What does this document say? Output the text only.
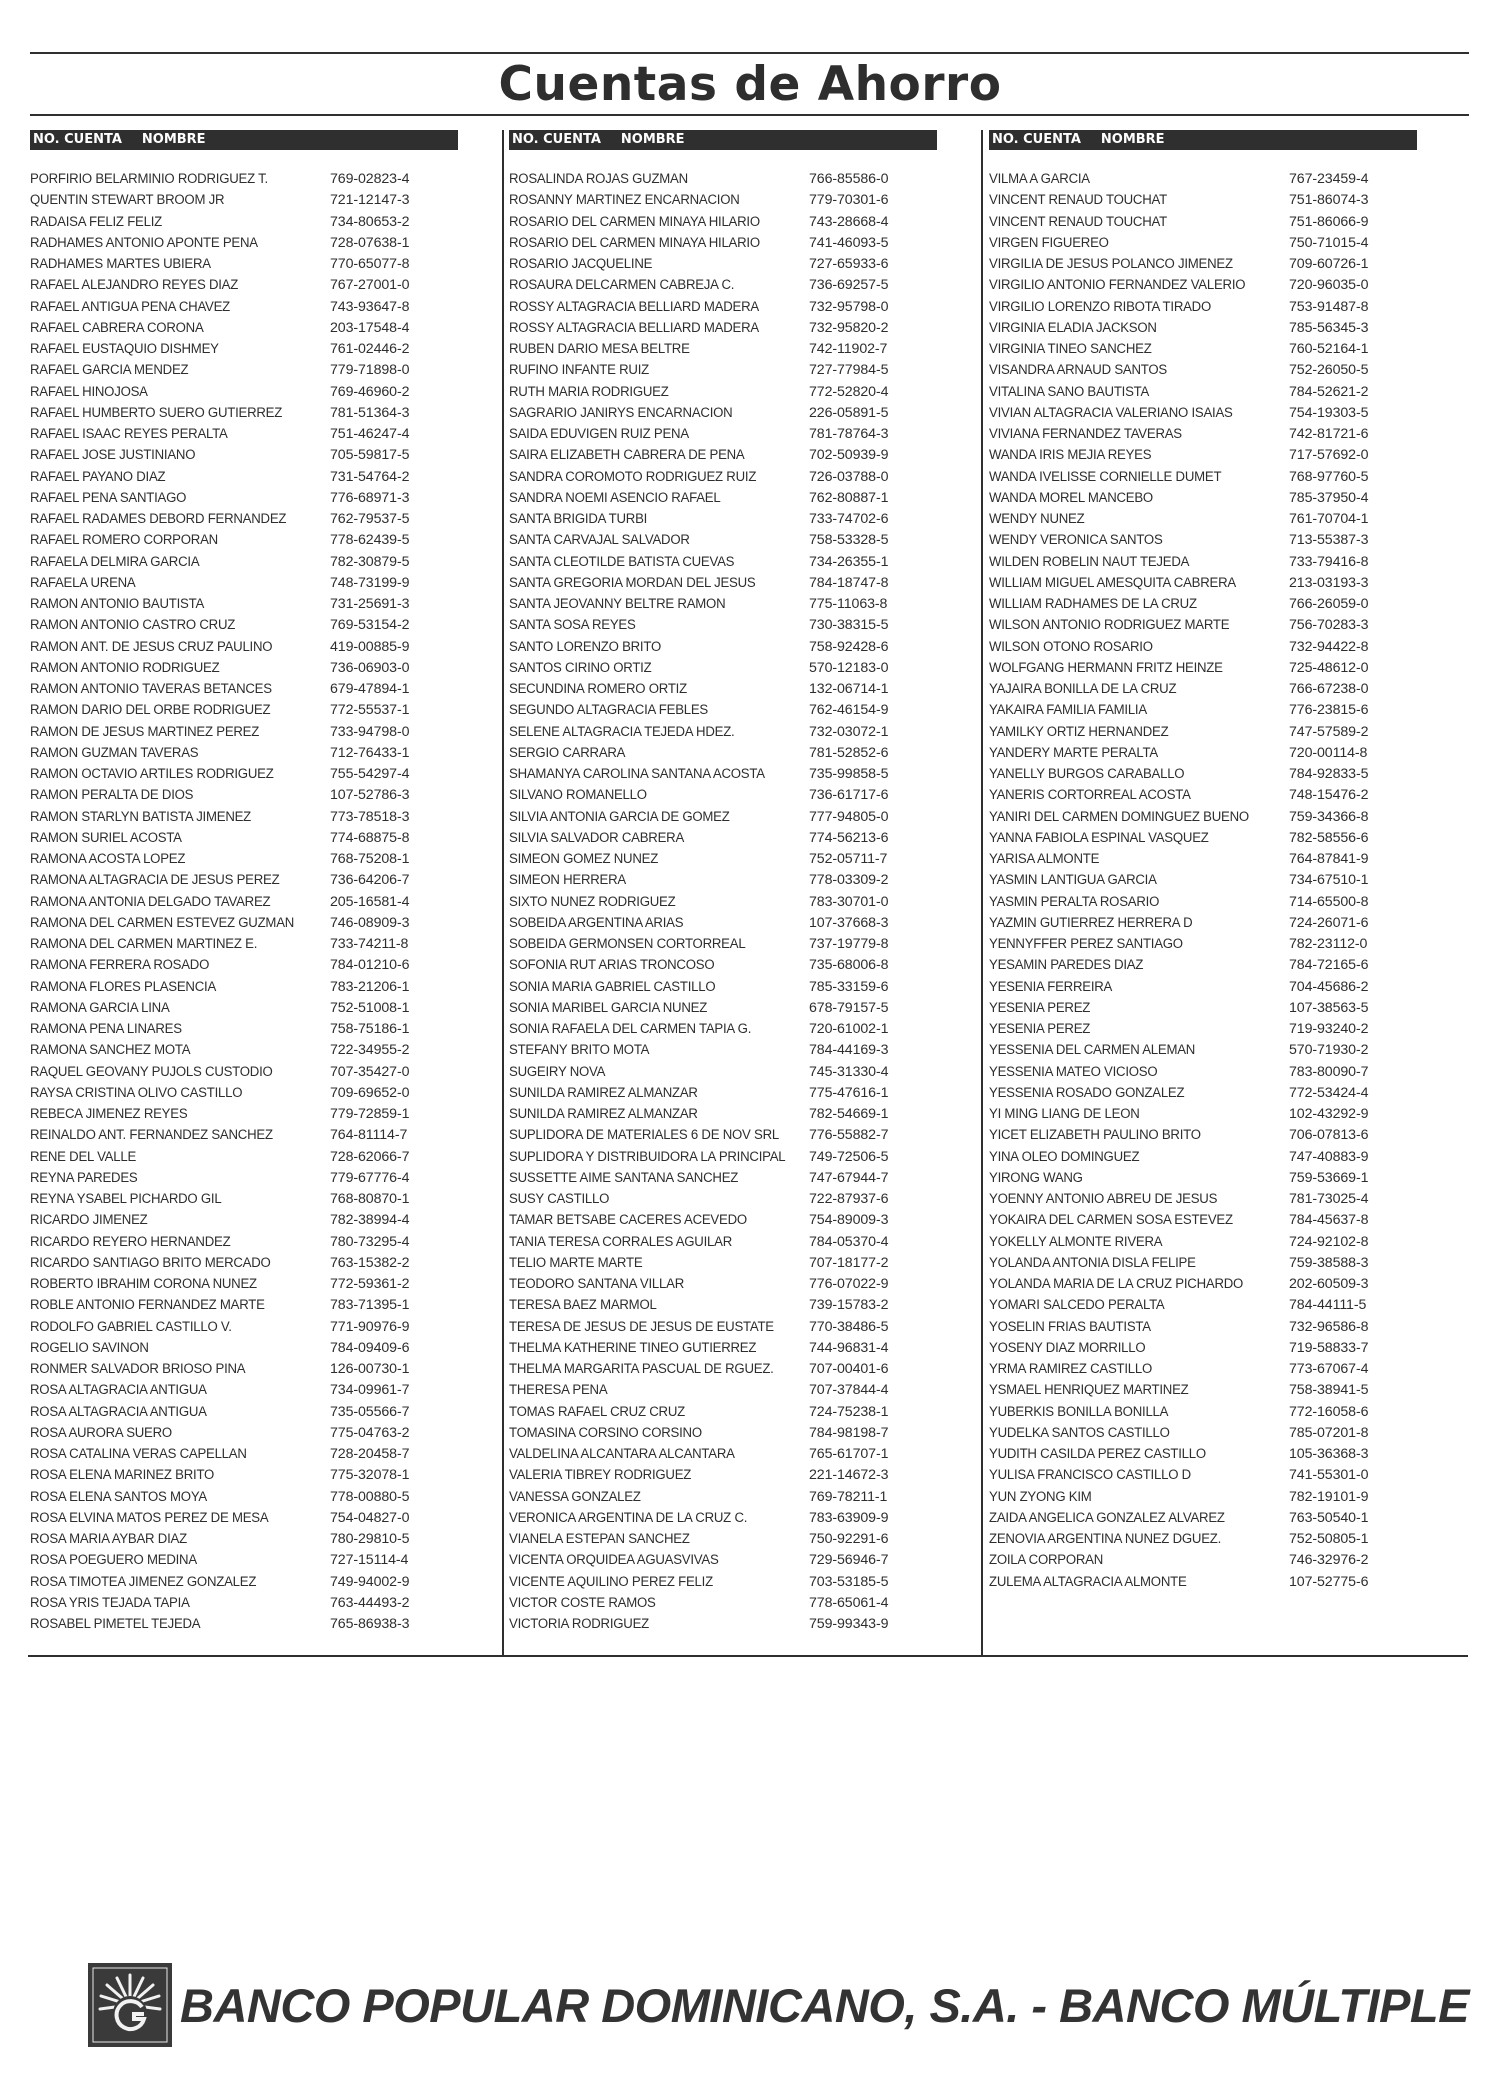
Cuentas de Ahorro
NO. CUENTA NOMBRE
PORFIRIO BELARMINIO RODRIGUEZ T.	769-02823-4
QUENTIN STEWART BROOM JR	721-12147-3
RADAISA FELIZ FELIZ	734-80653-2
RADHAMES ANTONIO APONTE PENA	728-07638-1
RADHAMES MARTES UBIERA	770-65077-8
RAFAEL ALEJANDRO REYES DIAZ	767-27001-0
RAFAEL ANTIGUA PENA CHAVEZ	743-93647-8
RAFAEL CABRERA CORONA	203-17548-4
RAFAEL EUSTAQUIO DISHMEY	761-02446-2
RAFAEL GARCIA MENDEZ	779-71898-0
RAFAEL HINOJOSA	769-46960-2
RAFAEL HUMBERTO SUERO GUTIERREZ	781-51364-3
RAFAEL ISAAC REYES PERALTA	751-46247-4
RAFAEL JOSE JUSTINIANO	705-59817-5
RAFAEL PAYANO DIAZ	731-54764-2
RAFAEL PENA SANTIAGO	776-68971-3
RAFAEL RADAMES DEBORD FERNANDEZ	762-79537-5
RAFAEL ROMERO CORPORAN	778-62439-5
RAFAELA DELMIRA GARCIA	782-30879-5
RAFAELA URENA	748-73199-9
RAMON ANTONIO BAUTISTA	731-25691-3
RAMON ANTONIO CASTRO CRUZ	769-53154-2
RAMON ANT. DE JESUS CRUZ PAULINO	419-00885-9
RAMON ANTONIO RODRIGUEZ	736-06903-0
RAMON ANTONIO TAVERAS BETANCES	679-47894-1
RAMON DARIO DEL ORBE RODRIGUEZ	772-55537-1
RAMON DE JESUS MARTINEZ PEREZ	733-94798-0
RAMON GUZMAN TAVERAS	712-76433-1
RAMON OCTAVIO ARTILES RODRIGUEZ	755-54297-4
RAMON PERALTA DE DIOS	107-52786-3
RAMON STARLYN BATISTA JIMENEZ	773-78518-3
RAMON SURIEL ACOSTA	774-68875-8
RAMONA ACOSTA LOPEZ	768-75208-1
RAMONA ALTAGRACIA DE JESUS PEREZ	736-64206-7
RAMONA ANTONIA DELGADO TAVAREZ	205-16581-4
RAMONA DEL CARMEN ESTEVEZ GUZMAN	746-08909-3
RAMONA DEL CARMEN MARTINEZ E.	733-74211-8
RAMONA FERRERA ROSADO	784-01210-6
RAMONA FLORES PLASENCIA	783-21206-1
RAMONA GARCIA LINA	752-51008-1
RAMONA PENA LINARES	758-75186-1
RAMONA SANCHEZ MOTA	722-34955-2
RAQUEL GEOVANY PUJOLS CUSTODIO	707-35427-0
RAYSA CRISTINA OLIVO CASTILLO	709-69652-0
REBECA JIMENEZ REYES	779-72859-1
REINALDO ANT. FERNANDEZ SANCHEZ	764-81114-7
RENE DEL VALLE	728-62066-7
REYNA PAREDES	779-67776-4
REYNA YSABEL PICHARDO GIL	768-80870-1
RICARDO JIMENEZ	782-38994-4
RICARDO REYERO HERNANDEZ	780-73295-4
RICARDO SANTIAGO BRITO MERCADO	763-15382-2
ROBERTO IBRAHIM CORONA NUNEZ	772-59361-2
ROBLE ANTONIO FERNANDEZ MARTE	783-71395-1
RODOLFO GABRIEL CASTILLO V.	771-90976-9
ROGELIO SAVINON	784-09409-6
RONMER SALVADOR BRIOSO PINA	126-00730-1
ROSA ALTAGRACIA ANTIGUA	734-09961-7
ROSA ALTAGRACIA ANTIGUA	735-05566-7
ROSA AURORA SUERO	775-04763-2
ROSA CATALINA VERAS CAPELLAN	728-20458-7
ROSA ELENA MARINEZ BRITO	775-32078-1
ROSA ELENA SANTOS MOYA	778-00880-5
ROSA ELVINA MATOS PEREZ DE MESA	754-04827-0
ROSA MARIA AYBAR DIAZ	780-29810-5
ROSA POEGUERO MEDINA	727-15114-4
ROSA TIMOTEA JIMENEZ GONZALEZ	749-94002-9
ROSA YRIS TEJADA TAPIA	763-44493-2
ROSABEL PIMETEL TEJEDA	765-86938-3
NO. CUENTA NOMBRE
ROSALINDA ROJAS GUZMAN	766-85586-0
ROSANNY MARTINEZ ENCARNACION	779-70301-6
ROSARIO DEL CARMEN MINAYA HILARIO	743-28668-4
ROSARIO DEL CARMEN MINAYA HILARIO	741-46093-5
ROSARIO JACQUELINE	727-65933-6
ROSAURA DELCARMEN CABREJA C.	736-69257-5
ROSSY ALTAGRACIA BELLIARD MADERA	732-95798-0
ROSSY ALTAGRACIA BELLIARD MADERA	732-95820-2
RUBEN DARIO MESA BELTRE	742-11902-7
RUFINO INFANTE RUIZ	727-77984-5
RUTH MARIA RODRIGUEZ	772-52820-4
SAGRARIO JANIRYS ENCARNACION	226-05891-5
SAIDA EDUVIGEN RUIZ PENA	781-78764-3
SAIRA ELIZABETH CABRERA DE PENA	702-50939-9
SANDRA COROMOTO RODRIGUEZ RUIZ	726-03788-0
SANDRA NOEMI ASENCIO RAFAEL	762-80887-1
SANTA BRIGIDA TURBI	733-74702-6
SANTA CARVAJAL SALVADOR	758-53328-5
SANTA CLEOTILDE BATISTA CUEVAS	734-26355-1
SANTA GREGORIA MORDAN DEL JESUS	784-18747-8
SANTA JEOVANNY BELTRE RAMON	775-11063-8
SANTA SOSA REYES	730-38315-5
SANTO LORENZO BRITO	758-92428-6
SANTOS CIRINO ORTIZ	570-12183-0
SECUNDINA ROMERO ORTIZ	132-06714-1
SEGUNDO ALTAGRACIA FEBLES	762-46154-9
SELENE ALTAGRACIA TEJEDA HDEZ.	732-03072-1
SERGIO CARRARA	781-52852-6
SHAMANYA CAROLINA SANTANA ACOSTA	735-99858-5
SILVANO ROMANELLO	736-61717-6
SILVIA ANTONIA GARCIA DE GOMEZ	777-94805-0
SILVIA SALVADOR CABRERA	774-56213-6
SIMEON GOMEZ NUNEZ	752-05711-7
SIMEON HERRERA	778-03309-2
SIXTO NUNEZ RODRIGUEZ	783-30701-0
SOBEIDA ARGENTINA ARIAS	107-37668-3
SOBEIDA GERMONSEN CORTORREAL	737-19779-8
SOFONIA RUT ARIAS TRONCOSO	735-68006-8
SONIA MARIA GABRIEL CASTILLO	785-33159-6
SONIA MARIBEL GARCIA NUNEZ	678-79157-5
SONIA RAFAELA DEL CARMEN TAPIA G.	720-61002-1
STEFANY BRITO MOTA	784-44169-3
SUGEIRY NOVA	745-31330-4
SUNILDA RAMIREZ ALMANZAR	775-47616-1
SUNILDA RAMIREZ ALMANZAR	782-54669-1
SUPLIDORA DE MATERIALES 6 DE NOV SRL 776-55882-7
SUPLIDORA Y DISTRIBUIDORA LA PRINCIPAL 749-72506-5
SUSSETTE AIME SANTANA SANCHEZ	747-67944-7
SUSY CASTILLO	722-87937-6
TAMAR BETSABE CACERES ACEVEDO	754-89009-3
TANIA TERESA CORRALES AGUILAR	784-05370-4
TELIO MARTE MARTE	707-18177-2
TEODORO SANTANA VILLAR	776-07022-9
TERESA BAEZ MARMOL	739-15783-2
TERESA DE JESUS DE JESUS DE EUSTATE 770-38486-5
THELMA KATHERINE TINEO GUTIERREZ	744-96831-4
THELMA MARGARITA PASCUAL DE RGUEZ. 707-00401-6
THERESA PENA	707-37844-4
TOMAS RAFAEL CRUZ CRUZ	724-75238-1
TOMASINA CORSINO CORSINO	784-98198-7
VALDELINA ALCANTARA ALCANTARA	765-61707-1
VALERIA TIBREY RODRIGUEZ	221-14672-3
VANESSA GONZALEZ	769-78211-1
VERONICA ARGENTINA DE LA CRUZ C.	783-63909-9
VIANELA ESTEPAN SANCHEZ	750-92291-6
VICENTA ORQUIDEA AGUASVIVAS	729-56946-7
VICENTE AQUILINO PEREZ FELIZ	703-53185-5
VICTOR COSTE RAMOS	778-65061-4
VICTORIA RODRIGUEZ	759-99343-9
NO. CUENTA NOMBRE
VILMA A GARCIA	767-23459-4
VINCENT RENAUD TOUCHAT	751-86074-3
VINCENT RENAUD TOUCHAT	751-86066-9
VIRGEN FIGUEREO	750-71015-4
VIRGILIA DE JESUS POLANCO JIMENEZ	709-60726-1
VIRGILIO ANTONIO FERNANDEZ VALERIO	720-96035-0
VIRGILIO LORENZO RIBOTA TIRADO	753-91487-8
VIRGINIA ELADIA JACKSON	785-56345-3
VIRGINIA TINEO SANCHEZ	760-52164-1
VISANDRA ARNAUD SANTOS	752-26050-5
VITALINA SANO BAUTISTA	784-52621-2
VIVIAN ALTAGRACIA VALERIANO ISAIAS	754-19303-5
VIVIANA FERNANDEZ TAVERAS	742-81721-6
WANDA IRIS MEJIA REYES	717-57692-0
WANDA IVELISSE CORNIELLE DUMET	768-97760-5
WANDA MOREL MANCEBO	785-37950-4
WENDY NUNEZ	761-70704-1
WENDY VERONICA SANTOS	713-55387-3
WILDEN ROBELIN NAUT TEJEDA	733-79416-8
WILLIAM MIGUEL AMESQUITA CABRERA	213-03193-3
WILLIAM RADHAMES DE LA CRUZ	766-26059-0
WILSON ANTONIO RODRIGUEZ MARTE	756-70283-3
WILSON OTONO ROSARIO	732-94422-8
WOLFGANG HERMANN FRITZ HEINZE	725-48612-0
YAJAIRA BONILLA DE LA CRUZ	766-67238-0
YAKAIRA FAMILIA FAMILIA	776-23815-6
YAMILKY ORTIZ HERNANDEZ	747-57589-2
YANDERY MARTE PERALTA	720-00114-8
YANELLY BURGOS CARABALLO	784-92833-5
YANERIS CORTORREAL ACOSTA	748-15476-2
YANIRI DEL CARMEN DOMINGUEZ BUENO	759-34366-8
YANNA FABIOLA ESPINAL VASQUEZ	782-58556-6
YARISA ALMONTE	764-87841-9
YASMIN LANTIGUA GARCIA	734-67510-1
YASMIN PERALTA ROSARIO	714-65500-8
YAZMIN GUTIERREZ HERRERA D	724-26071-6
YENNYFFER PEREZ SANTIAGO	782-23112-0
YESAMIN PAREDES DIAZ	784-72165-6
YESENIA FERREIRA	704-45686-2
YESENIA PEREZ	107-38563-5
YESENIA PEREZ	719-93240-2
YESSENIA DEL CARMEN ALEMAN	570-71930-2
YESSENIA MATEO VICIOSO	783-80090-7
YESSENIA ROSADO GONZALEZ	772-53424-4
YI MING LIANG DE LEON	102-43292-9
YICET ELIZABETH PAULINO BRITO	706-07813-6
YINA OLEO DOMINGUEZ	747-40883-9
YIRONG WANG	759-53669-1
YOENNY ANTONIO ABREU DE JESUS	781-73025-4
YOKAIRA DEL CARMEN SOSA ESTEVEZ	784-45637-8
YOKELLY ALMONTE RIVERA	724-92102-8
YOLANDA ANTONIA DISLA FELIPE	759-38588-3
YOLANDA MARIA DE LA CRUZ PICHARDO	202-60509-3
YOMARI SALCEDO PERALTA	784-44111-5
YOSELIN FRIAS BAUTISTA	732-96586-8
YOSENY DIAZ MORRILLO	719-58833-7
YRMA RAMIREZ CASTILLO	773-67067-4
YSMAEL HENRIQUEZ MARTINEZ	758-38941-5
YUBERKIS BONILLA BONILLA	772-16058-6
YUDELKA SANTOS CASTILLO	785-07201-8
YUDITH CASILDA PEREZ CASTILLO	105-36368-3
YULISA FRANCISCO CASTILLO D	741-55301-0
YUN ZYONG KIM	782-19101-9
ZAIDA ANGELICA GONZALEZ ALVAREZ	763-50540-1
ZENOVIA ARGENTINA NUNEZ DGUEZ.	752-50805-1
ZOILA CORPORAN	746-32976-2
ZULEMA ALTAGRACIA ALMONTE	107-52775-6
BANCO POPULAR DOMINICANO, S.A. - BANCO MÚLTIPLE
